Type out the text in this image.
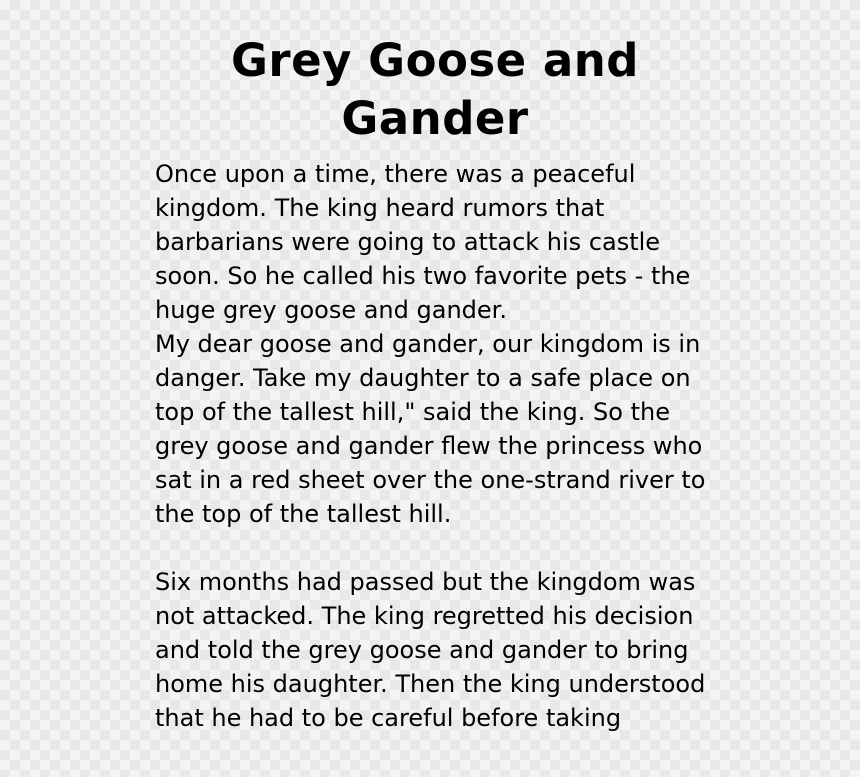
Grey Goose and
Gander
Once upon a time, there was a peaceful
kingdom. The king heard rumors that
barbarians were going to attack his castle
soon. So he called his two favorite pets - the
huge grey goose and gander.
My dear goose and gander, our kingdom is in
danger. Take my daughter to a safe place on
top of the tallest hill," said the king. So the
grey goose and gander flew the princess who
sat in a red sheet over the one-strand river to
the top of the tallest hill.
Six months had passed but the kingdom was
not attacked. The king regretted his decision
and told the grey goose and gander to bring
home his daughter. Then the king understood
that he had to be careful before taking
